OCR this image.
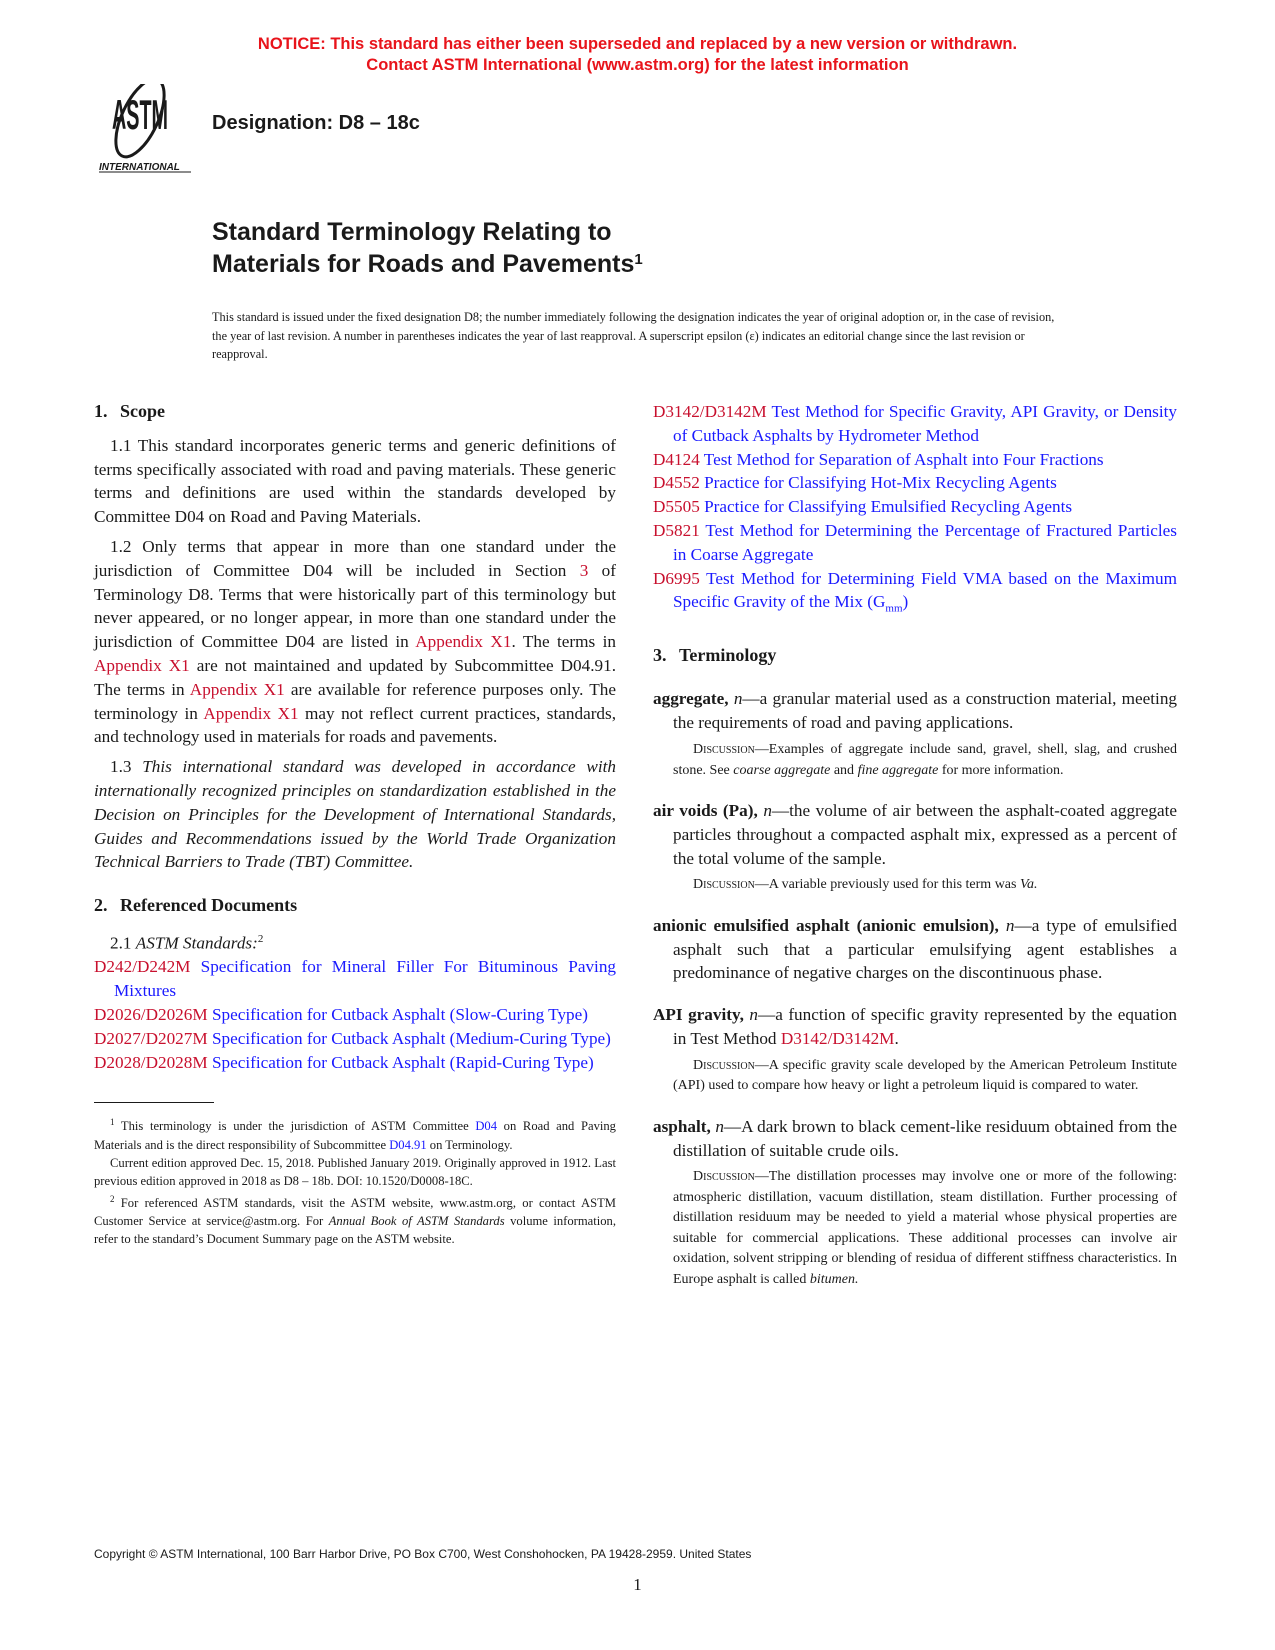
NOTICE: This standard has either been superseded and replaced by a new version or withdrawn.
Contact ASTM International (www.astm.org) for the latest information
ASTM
INTERNATIONAL
Designation: D8 – 18c
Standard Terminology Relating to
Materials for Roads and Pavements$^1$
This standard is issued under the fixed designation D8; the number immediately following the designation indicates the year of original adoption or, in the case of revision, the year of last revision. A number in parentheses indicates the year of last reapproval. A superscript epsilon (ε) indicates an editorial change since the last revision or reapproval.
1. Scope

1.1 This standard incorporates generic terms and generic definitions of terms specifically associated with road and paving materials. These generic terms and definitions are used within the standards developed by Committee D04 on Road and Paving Materials.

1.2 Only terms that appear in more than one standard under the jurisdiction of Committee D04 will be included in Section 3 of Terminology D8. Terms that were historically part of this terminology but never appeared, or no longer appear, in more than one standard under the jurisdiction of Committee D04 are listed in Appendix X1. The terms in Appendix X1 are not maintained and updated by Subcommittee D04.91. The terms in Appendix X1 are available for reference purposes only. The terminology in Appendix X1 may not reflect current practices, standards, and technology used in materials for roads and pavements.

1.3 This international standard was developed in accordance with internationally recognized principles on standardization established in the Decision on Principles for the Development of International Standards, Guides and Recommendations issued by the World Trade Organization Technical Barriers to Trade (TBT) Committee.

2. Referenced Documents
2.1 ASTM Standards:$^2$
D242/D242M Specification for Mineral Filler For Bituminous Paving Mixtures
D2026/D2026M Specification for Cutback Asphalt (Slow-Curing Type)
D2027/D2027M Specification for Cutback Asphalt (Medium-Curing Type)
D2028/D2028M Specification for Cutback Asphalt (Rapid-Curing Type)

$^1$ This terminology is under the jurisdiction of ASTM Committee D04 on Road and Paving Materials and is the direct responsibility of Subcommittee D04.91 on Terminology.

Current edition approved Dec. 15, 2018. Published January 2019. Originally approved in 1912. Last previous edition approved in 2018 as D8 – 18b. DOI: 10.1520/D0008-18C.

$^2$ For referenced ASTM standards, visit the ASTM website, www.astm.org, or contact ASTM Customer Service at service@astm.org. For Annual Book of ASTM Standards volume information, refer to the standard’s Document Summary page on the ASTM website.

D3142/D3142M Test Method for Specific Gravity, API Gravity, or Density of Cutback Asphalts by Hydrometer Method
D4124 Test Method for Separation of Asphalt into Four Fractions
D4552 Practice for Classifying Hot-Mix Recycling Agents
D5505 Practice for Classifying Emulsified Recycling Agents
D5821 Test Method for Determining the Percentage of Fractured Particles in Coarse Aggregate
D6995 Test Method for Determining Field VMA based on the Maximum Specific Gravity of the Mix $(G_{mm})$
3. Terminology
aggregate, n—a granular material used as a construction material, meeting the requirements of road and paving applications.
Discussion—Examples of aggregate include sand, gravel, shell, slag, and crushed stone. See coarse aggregate and fine aggregate for more information.
air voids (Pa), n—the volume of air between the asphalt-coated aggregate particles throughout a compacted asphalt mix, expressed as a percent of the total volume of the sample.
Discussion—A variable previously used for this term was Va.
anionic emulsified asphalt (anionic emulsion), n—a type of emulsified asphalt such that a particular emulsifying agent establishes a predominance of negative charges on the discontinuous phase.
API gravity, n—a function of specific gravity represented by the equation in Test Method D3142/D3142M.
Discussion—A specific gravity scale developed by the American Petroleum Institute (API) used to compare how heavy or light a petroleum liquid is compared to water.
asphalt, n—A dark brown to black cement-like residuum obtained from the distillation of suitable crude oils.
Discussion—The distillation processes may involve one or more of the following: atmospheric distillation, vacuum distillation, steam distillation. Further processing of distillation residuum may be needed to yield a material whose physical properties are suitable for commercial applications. These additional processes can involve air oxidation, solvent stripping or blending of residua of different stiffness characteristics. In Europe asphalt is called bitumen.
Copyright © ASTM International, 100 Barr Harbor Drive, PO Box C700, West Conshohocken, PA 19428-2959. United States
1
